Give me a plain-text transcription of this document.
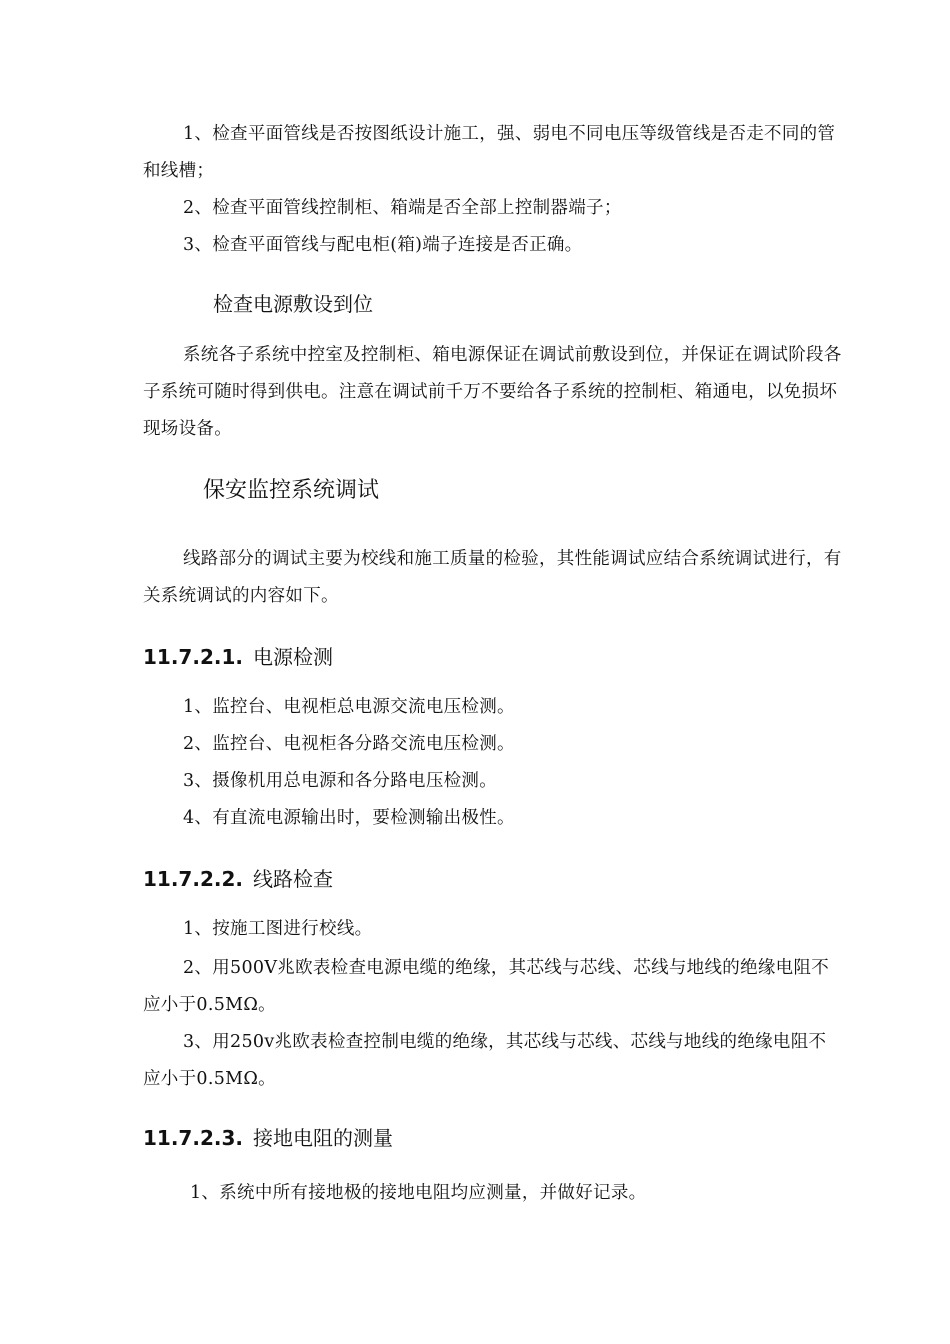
1、检查平面管线是否按图纸设计施工，强、弱电不同电压等级管线是否走不同的管和线槽；

2、检查平面管线控制柜、箱端是否全部上控制器端子；

3、检查平面管线与配电柜(箱)端子连接是否正确。

检查电源敷设到位

系统各子系统中控室及控制柜、箱电源保证在调试前敷设到位，并保证在调试阶段各子系统可随时得到供电。注意在调试前千万不要给各子系统的控制柜、箱通电，以免损坏现场设备。

保安监控系统调试

线路部分的调试主要为校线和施工质量的检验，其性能调试应结合系统调试进行，有关系统调试的内容如下。

11.7.2.1. 电源检测

1、监控台、电视柜总电源交流电压检测。

2、监控台、电视柜各分路交流电压检测。

3、摄像机用总电源和各分路电压检测。

4、有直流电源输出时，要检测输出极性。

11.7.2.2. 线路检查

1、按施工图进行校线。

2、用500V兆欧表检查电源电缆的绝缘，其芯线与芯线、芯线与地线的绝缘电阻不应小于0.5MΩ。

3、用250v兆欧表检查控制电缆的绝缘，其芯线与芯线、芯线与地线的绝缘电阻不应小于0.5MΩ。

11.7.2.3. 接地电阻的测量

1、系统中所有接地极的接地电阻均应测量，并做好记录。
